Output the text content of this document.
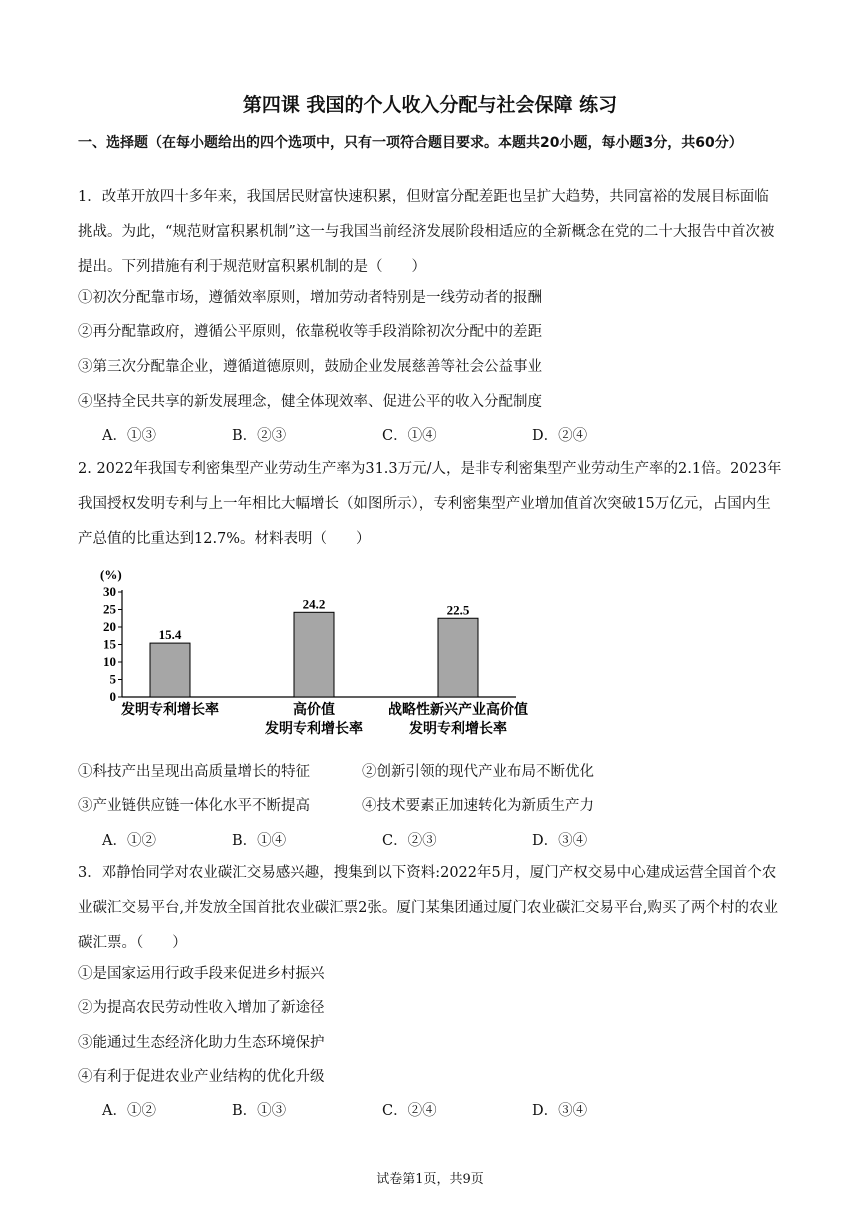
第四课 我国的个人收入分配与社会保障 练习
一、选择题（在每小题给出的四个选项中，只有一项符合题目要求。本题共20小题，每小题3分，共60分）
1．改革开放四十多年来，我国居民财富快速积累，但财富分配差距也呈扩大趋势，共同富裕的发展目标面临挑战。为此，“规范财富积累机制”这一与我国当前经济发展阶段相适应的全新概念在党的二十大报告中首次被提出。下列措施有利于规范财富积累机制的是（　　）
①初次分配靠市场，遵循效率原则，增加劳动者特别是一线劳动者的报酬
②再分配靠政府，遵循公平原则，依靠税收等手段消除初次分配中的差距
③第三次分配靠企业，遵循道德原则，鼓励企业发展慈善等社会公益事业
④坚持全民共享的新发展理念，健全体现效率、促进公平的收入分配制度
A．①③	B．②③	C．①④	D．②④
2. 2022年我国专利密集型产业劳动生产率为31.3万元/人，是非专利密集型产业劳动生产率的2.1倍。2023年我国授权发明专利与上一年相比大幅增长（如图所示），专利密集型产业增加值首次突破15万亿元，占国内生产总值的比重达到12.7%。材料表明（　　）
(%)
0
5
10
15
20
25
30
15.4
发明专利增长率
24.2
高价值
发明专利增长率
22.5
战略性新兴产业高价值
发明专利增长率
①科技产出呈现出高质量增长的特征	②创新引领的现代产业布局不断优化
③产业链供应链一体化水平不断提高	④技术要素正加速转化为新质生产力
A．①②	B．①④	C．②③	D．③④
3．邓静怡同学对农业碳汇交易感兴趣，搜集到以下资料:2022年5月，厦门产权交易中心建成运营全国首个农业碳汇交易平台,并发放全国首批农业碳汇票2张。厦门某集团通过厦门农业碳汇交易平台,购买了两个村的农业碳汇票。（　　）
①是国家运用行政手段来促进乡村振兴
②为提高农民劳动性收入增加了新途径
③能通过生态经济化助力生态环境保护
④有利于促进农业产业结构的优化升级
A．①②	B．①③	C．②④	D．③④
试卷第1页，共9页
